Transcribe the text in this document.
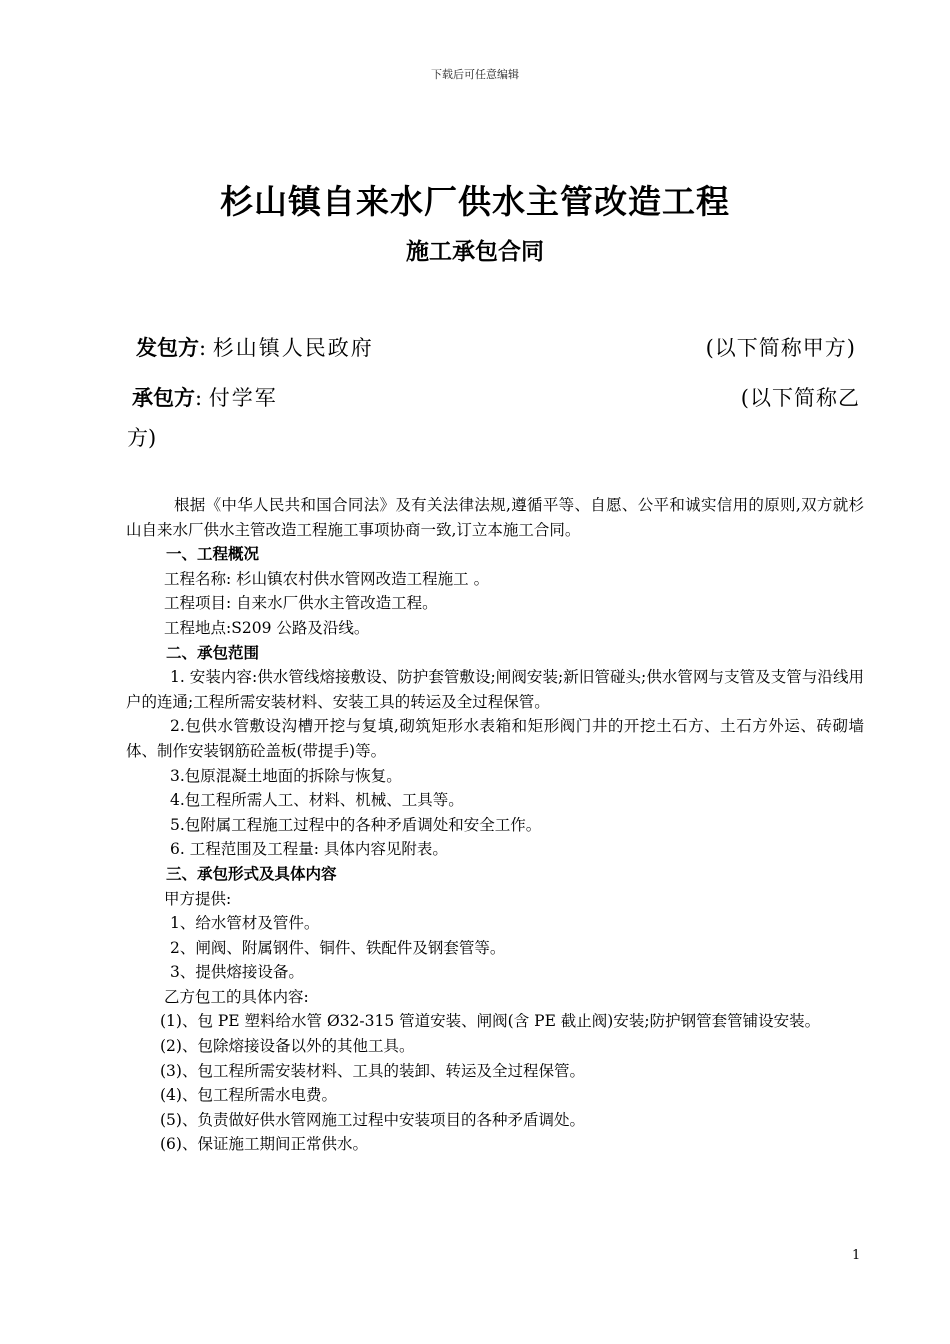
下载后可任意编辑
杉山镇自来水厂供水主管改造工程
施工承包合同
发包方: 杉山镇人民政府	(以下简称甲方)
承包方: 付学军	(以下简称乙
方)

根据《中华人民共和国合同法》及有关法律法规,遵循平等、自愿、公平和诚实信用的原则,双方就杉山自来水厂供水主管改造工程施工事项协商一致,订立本施工合同。

一、工程概况

工程名称: 杉山镇农村供水管网改造工程施工 。

工程项目: 自来水厂供水主管改造工程。

工程地点:S209 公路及沿线。

二、承包范围

1. 安装内容:供水管线熔接敷设、防护套管敷设;闸阀安装;新旧管碰头;供水管网与支管及支管与沿线用户的连通;工程所需安装材料、安装工具的转运及全过程保管。

2.包供水管敷设沟槽开挖与复填,砌筑矩形水表箱和矩形阀门井的开挖土石方、土石方外运、砖砌墙体、制作安装钢筋砼盖板(带提手)等。

3.包原混凝土地面的拆除与恢复。

4.包工程所需人工、材料、机械、工具等。

5.包附属工程施工过程中的各种矛盾调处和安全工作。

6. 工程范围及工程量: 具体内容见附表。

三、承包形式及具体内容

甲方提供:

1、给水管材及管件。

2、闸阀、附属钢件、铜件、铁配件及钢套管等。

3、提供熔接设备。

乙方包工的具体内容:

(1)、包 PE 塑料给水管 Ø32-315 管道安装、闸阀(含 PE 截止阀)安装;防护钢管套管铺设安装。

(2)、包除熔接设备以外的其他工具。

(3)、包工程所需安装材料、工具的装卸、转运及全过程保管。

(4)、包工程所需水电费。

(5)、负责做好供水管网施工过程中安装项目的各种矛盾调处。

(6)、保证施工期间正常供水。

1
